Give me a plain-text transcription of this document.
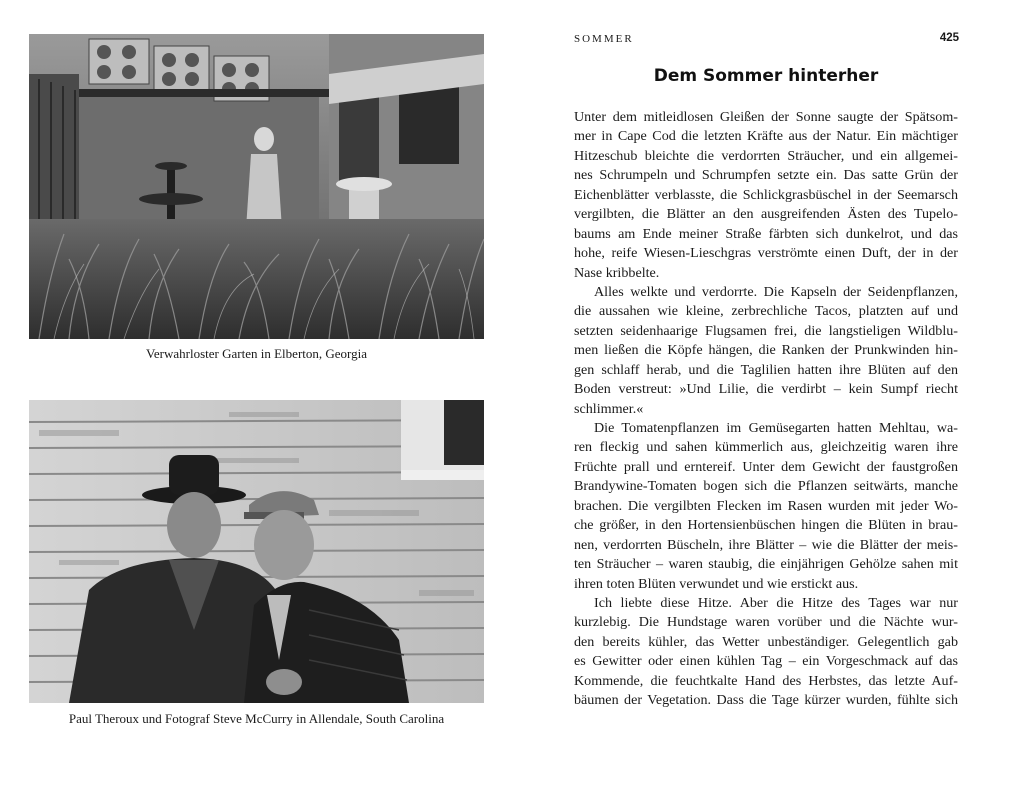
Verwahrloster Garten in Elberton, Georgia
Paul Theroux und Fotograf Steve McCurry in Allendale, South Carolina
SOMMER	425
Dem Sommer hinterher
Unter dem mitleidlosen Gleißen der Sonne saugte der Spätsom-
mer in Cape Cod die letzten Kräfte aus der Natur. Ein mächtiger
Hitzeschub bleichte die verdorrten Sträucher, und ein allgemei-
nes Schrumpeln und Schrumpfen setzte ein. Das satte Grün der
Eichenblätter verblasste, die Schlickgrasbüschel in der Seemarsch
vergilbten, die Blätter an den ausgreifenden Ästen des Tupelo-
baums am Ende meiner Straße färbten sich dunkelrot, und das
hohe, reife Wiesen-Lieschgras verströmte einen Duft, der in der
Nase kribbelte.
Alles welkte und verdorrte. Die Kapseln der Seidenpflanzen,
die aussahen wie kleine, zerbrechliche Tacos, platzten auf und
setzten seidenhaarige Flugsamen frei, die langstieligen Wildblu-
men ließen die Köpfe hängen, die Ranken der Prunkwinden hin-
gen schlaff herab, und die Taglilien hatten ihre Blüten auf den
Boden verstreut: »Und Lilie, die verdirbt – kein Sumpf riecht
schlimmer.«
Die Tomatenpflanzen im Gemüsegarten hatten Mehltau, wa-
ren fleckig und sahen kümmerlich aus, gleichzeitig waren ihre
Früchte prall und erntereif. Unter dem Gewicht der faustgroßen
Brandywine-Tomaten bogen sich die Pflanzen seitwärts, manche
brachen. Die vergilbten Flecken im Rasen wurden mit jeder Wo-
che größer, in den Hortensienbüschen hingen die Blüten in brau-
nen, verdorrten Büscheln, ihre Blätter – wie die Blätter der meis-
ten Sträucher – waren staubig, die einjährigen Gehölze sahen mit
ihren toten Blüten verwundet und wie erstickt aus.
Ich liebte diese Hitze. Aber die Hitze des Tages war nur
kurzlebig. Die Hundstage waren vorüber und die Nächte wur-
den bereits kühler, das Wetter unbeständiger. Gelegentlich gab
es Gewitter oder einen kühlen Tag – ein Vorgeschmack auf das
Kommende, die feuchtkalte Hand des Herbstes, das letzte Auf-
bäumen der Vegetation. Dass die Tage kürzer wurden, fühlte sich
